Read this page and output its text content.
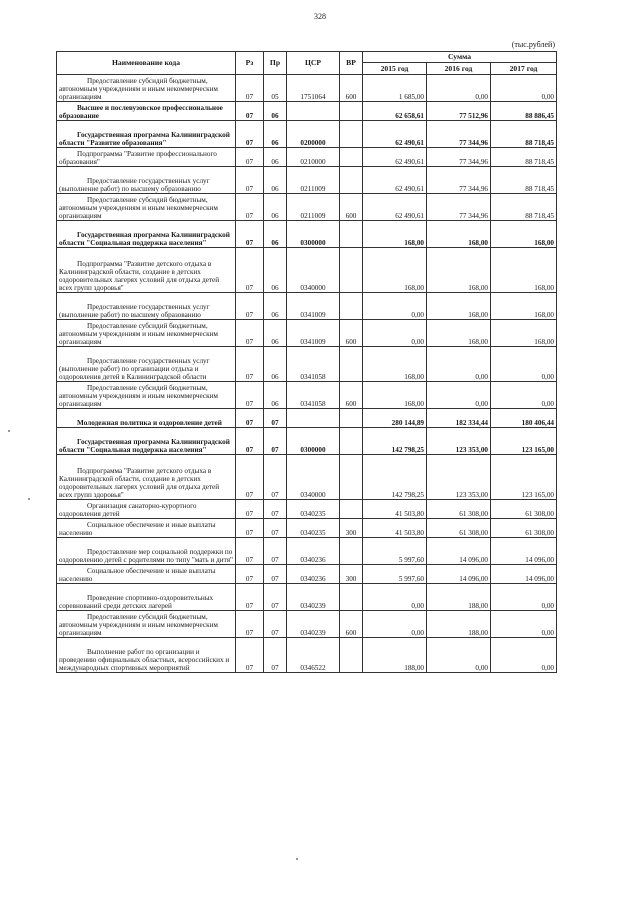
328
(тыс.рублей)
Наименование кода	Рз	Пр	ЦСР	ВР	Сумма		
					2015 год	2016 год	2017 год
Предоставление субсидий бюджетным, автономным учреждениям и иным некоммерческим организациям	07	05	1751064	600	1 685,00	0,00	0,00
Высшее и послевузовское профессиональное образование	07	06			62 658,61	77 512,96	88 886,45
Государственная программа Калининградской области "Развитие образования"	07	06	0200000		62 490,61	77 344,96	88 718,45
Подпрограмма "Развитие профессионального образования"	07	06	0210000		62 490,61	77 344,96	88 718,45
Предоставление государственных услуг (выполнение работ) по высшему образованию	07	06	0211009		62 490,61	77 344,96	88 718,45
Предоставление субсидий бюджетным, автономным учреждениям и иным некоммерческим организациям	07	06	0211009	600	62 490,61	77 344,96	88 718,45
Государственная программа Калининградской области "Социальная поддержка населения"	07	06	0300000		168,00	168,00	168,00
Подпрограмма "Развитие детского отдыха в Калининградской области, создание в детских оздоровительных лагерях условий для отдыха детей всех групп здоровья"	07	06	0340000		168,00	168,00	168,00
Предоставление государственных услуг (выполнение работ) по высшему образованию	07	06	0341009		0,00	168,00	168,00
Предоставление субсидий бюджетным, автономным учреждениям и иным некоммерческим организациям	07	06	0341009	600	0,00	168,00	168,00
Предоставление государственных услуг (выполнение работ) по организации отдыха и оздоровления детей в Калининградской области	07	06	0341058		168,00	0,00	0,00
Предоставление субсидий бюджетным, автономным учреждениям и иным некоммерческим организациям	07	06	0341058	600	168,00	0,00	0,00
Молодежная политика и оздоровление детей	07	07			280 144,89	182 334,44	180 406,44
Государственная программа Калининградской области "Социальная поддержка населения"	07	07	0300000		142 798,25	123 353,00	123 165,00
Подпрограмма "Развитие детского отдыха в Калининградской области, создание в детских оздоровительных лагерях условий для отдыха детей всех групп здоровья"	07	07	0340000		142 798,25	123 353,00	123 165,00
Организация санаторно-курортного оздоровления детей	07	07	0340235		41 503,80	61 308,00	61 308,00
Социальное обеспечение и иные выплаты населению	07	07	0340235	300	41 503,80	61 308,00	61 308,00
Предоставление мер социальной поддержки по оздоровлению детей с родителями по типу "мать и дитя"	07	07	0340236		5 997,60	14 096,00	14 096,00
Социальное обеспечение и иные выплаты населению	07	07	0340236	300	5 997,60	14 096,00	14 096,00
Проведение спортивно-оздоровительных соревнований среди детских лагерей	07	07	0340239		0,00	188,00	0,00
Предоставление субсидий бюджетным, автономным учреждениям и иным некоммерческим организациям	07	07	0340239	600	0,00	188,00	0,00
Выполнение работ по организации и проведению официальных областных, всероссийских и международных спортивных мероприятий	07	07	0346522		188,00	0,00	0,00
